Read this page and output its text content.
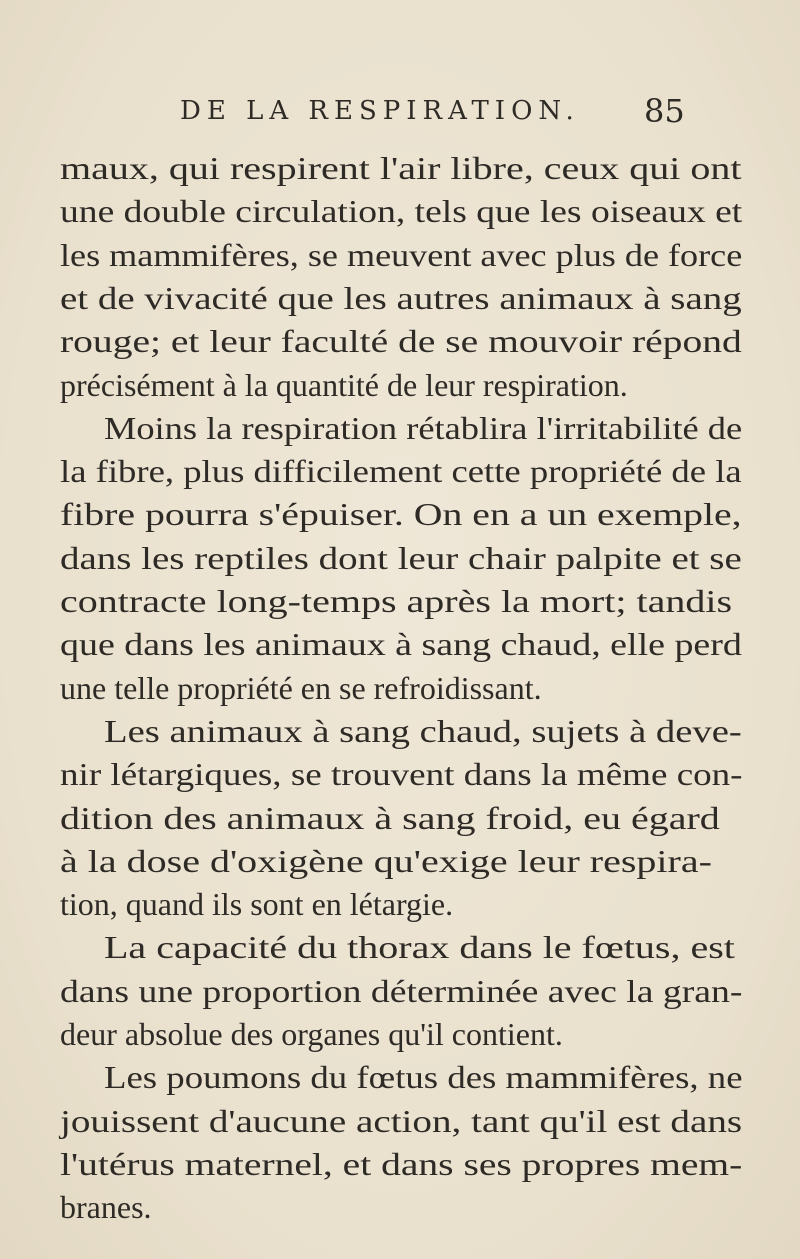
DE LA RESPIRATION. 85
maux, qui respirent l'air libre, ceux qui ont
une double circulation, tels que les oiseaux et
les mammifères, se meuvent avec plus de force
et de vivacité que les autres animaux à sang
rouge; et leur faculté de se mouvoir répond
précisément à la quantité de leur respiration.
Moins la respiration rétablira l'irritabilité de
la fibre, plus difficilement cette propriété de la
fibre pourra s'épuiser. On en a un exemple,
dans les reptiles dont leur chair palpite et se
contracte long-temps après la mort; tandis
que dans les animaux à sang chaud, elle perd
une telle propriété en se refroidissant.
Les animaux à sang chaud, sujets à deve-
nir létargiques, se trouvent dans la même con-
dition des animaux à sang froid, eu égard
à la dose d'oxigène qu'exige leur respira-
tion, quand ils sont en létargie.
La capacité du thorax dans le fœtus, est
dans une proportion déterminée avec la gran-
deur absolue des organes qu'il contient.
Les poumons du fœtus des mammifères, ne
jouissent d'aucune action, tant qu'il est dans
l'utérus maternel, et dans ses propres mem-
branes.
